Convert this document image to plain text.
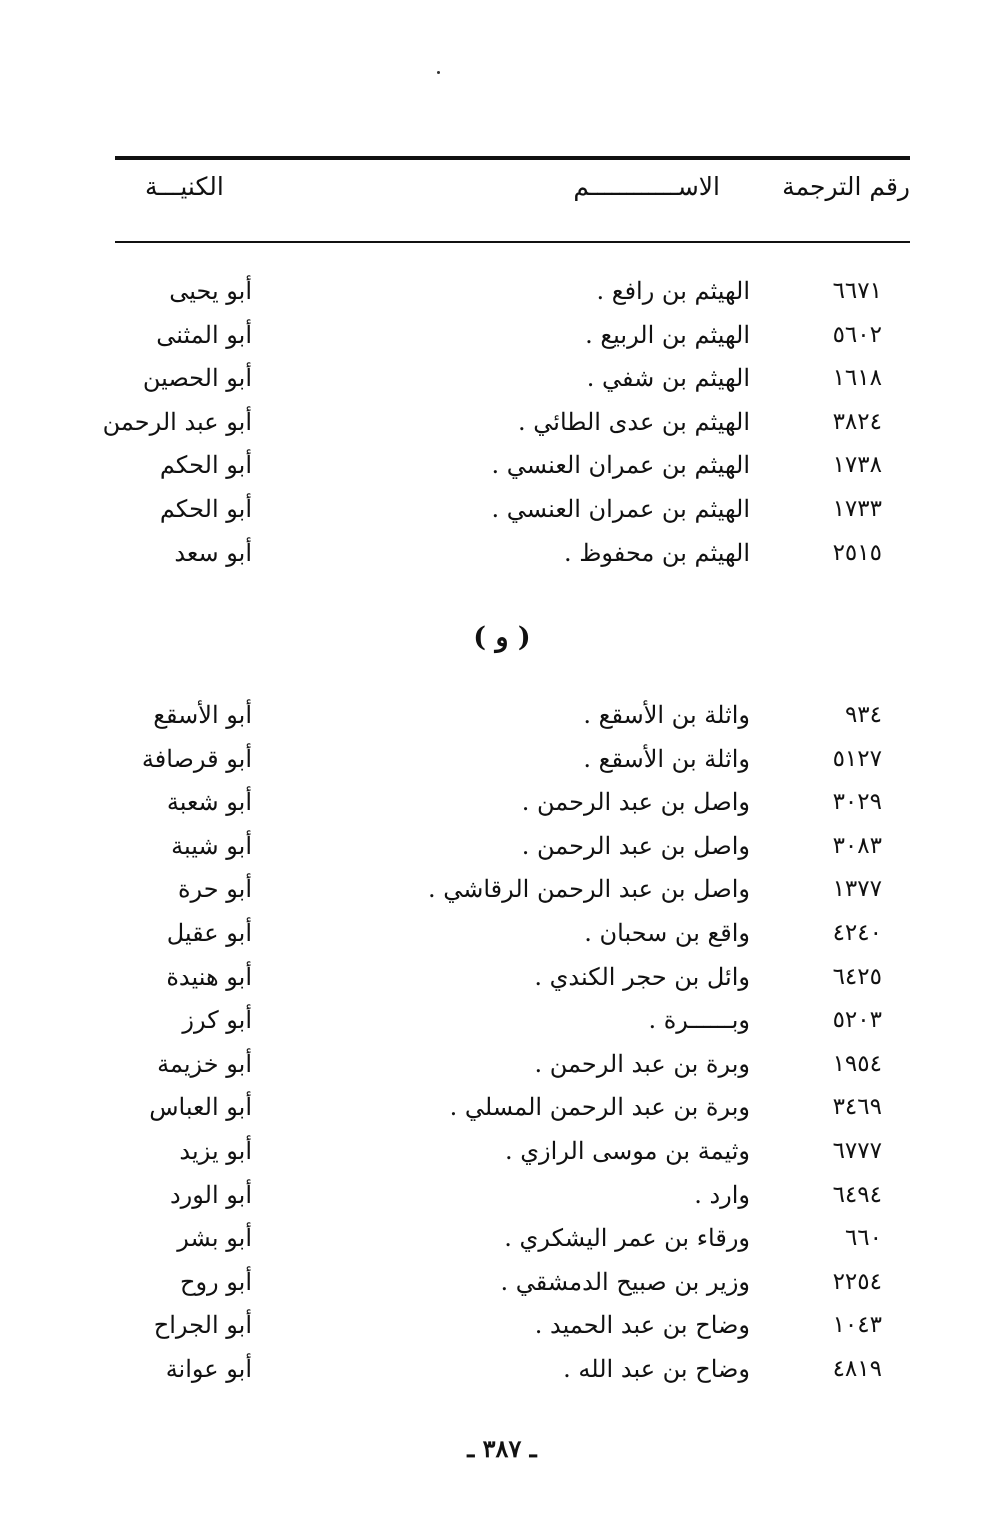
رقم الترجمة
الاســــــــــــم
الكنيـــة
٦٦٧١
الهيثم بن رافع .
أبو يحيى
٥٦٠٢
الهيثم بن الربيع .
أبو المثنى
١٦١٨
الهيثم بن شفي .
أبو الحصين
٣٨٢٤
الهيثم بن عدى الطائي .
أبو عبد الرحمن
١٧٣٨
الهيثم بن عمران العنسي .
أبو الحكم
١٧٣٣
الهيثم بن عمران العنسي .
أبو الحكم
٢٥١٥
الهيثم بن محفوظ .
أبو سعد
( و )
٩٣٤
واثلة بن الأسقع .
أبو الأسقع
٥١٢٧
واثلة بن الأسقع .
أبو قرصافة
٣٠٢٩
واصل بن عبد الرحمن .
أبو شعبة
٣٠٨٣
واصل بن عبد الرحمن .
أبو شيبة
١٣٧٧
واصل بن عبد الرحمن الرقاشي .
أبو حرة
٤٢٤٠
واقع بن سحبان .
أبو عقيل
٦٤٢٥
وائل بن حجر الكندي .
أبو هنيدة
٥٢٠٣
وبــــــرة .
أبو كرز
١٩٥٤
وبرة بن عبد الرحمن .
أبو خزيمة
٣٤٦٩
وبرة بن عبد الرحمن المسلي .
أبو العباس
٦٧٧٧
وثيمة بن موسى الرازي .
أبو يزيد
٦٤٩٤
وارد .
أبو الورد
٦٦٠
ورقاء بن عمر اليشكري .
أبو بشر
٢٢٥٤
وزير بن صبيح الدمشقي .
أبو روح
١٠٤٣
وضاح بن عبد الحميد .
أبو الجراح
٤٨١٩
وضاح بن عبد الله .
أبو عوانة
ـ ٣٨٧ ـ
